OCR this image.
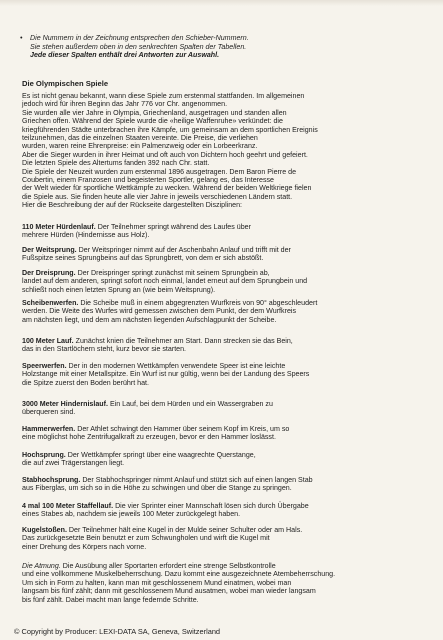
•	Die Nummern in der Zeichnung entsprechen den Schieber-Nummern.
Sie stehen außerdem oben in den senkrechten Spalten der Tabellen.
Jede dieser Spalten enthält drei Antworten zur Auswahl.
Die Olympischen Spiele
Es ist nicht genau bekannt, wann diese Spiele zum erstenmal stattfanden. Im allgemeinen
jedoch wird für ihren Beginn das Jahr 776 vor Chr. angenommen.
Sie wurden alle vier Jahre in Olympia, Griechenland, ausgetragen und standen allen
Griechen offen. Während der Spiele wurde die «heilige Waffenruhe» verkündet: die
kriegführenden Städte unterbrachen ihre Kämpfe, um gemeinsam an dem sportlichen Ereignis
teilzunehmen, das die einzelnen Staaten vereinte. Die Preise, die verliehen
wurden, waren reine Ehrenpreise: ein Palmenzweig oder ein Lorbeerkranz.
Aber die Sieger wurden in ihrer Heimat und oft auch von Dichtern hoch geehrt und gefeiert.
Die letzten Spiele des Altertums fanden 392 nach Chr. statt.
Die Spiele der Neuzeit wurden zum erstenmal 1896 ausgetragen. Dem Baron Pierre de
Coubertin, einem Franzosen und begeisterten Sportler, gelang es, das Interesse
der Welt wieder für sportliche Wettkämpfe zu wecken. Während der beiden Weltkriege fielen
die Spiele aus. Sie finden heute alle vier Jahre in jeweils verschiedenen Ländern statt.
Hier die Beschreibung der auf der Rückseite dargestellten Disziplinen:
110 Meter Hürdenlauf. Der Teilnehmer springt während des Laufes über
mehrere Hürden (Hindernisse aus Holz).
Der Weitsprung. Der Weitspringer nimmt auf der Aschenbahn Anlauf und trifft mit der
Fußspitze seines Sprungbeins auf das Sprungbrett, von dem er sich abstößt.
Der Dreisprung. Der Dreispringer springt zunächst mit seinem Sprungbein ab,
landet auf dem anderen, springt sofort noch einmal, landet erneut auf dem Sprungbein und
schließt noch einen letzten Sprung an (wie beim Weitsprung).
Scheibenwerfen. Die Scheibe muß in einem abgegrenzten Wurfkreis von 90° abgeschleudert
werden. Die Weite des Wurfes wird gemessen zwischen dem Punkt, der dem Wurfkreis
am nächsten liegt, und dem am nächsten liegenden Aufschlagpunkt der Scheibe.
100 Meter Lauf. Zunächst knien die Teilnehmer am Start. Dann strecken sie das Bein,
das in den Startlöchern steht, kurz bevor sie starten.
Speerwerfen. Der in den modernen Wettkämpfen verwendete Speer ist eine leichte
Holzstange mit einer Metallspitze. Ein Wurf ist nur gültig, wenn bei der Landung des Speers
die Spitze zuerst den Boden berührt hat.
3000 Meter Hindernislauf. Ein Lauf, bei dem Hürden und ein Wassergraben zu
überqueren sind.
Hammerwerfen. Der Athlet schwingt den Hammer über seinem Kopf im Kreis, um so
eine möglichst hohe Zentrifugalkraft zu erzeugen, bevor er den Hammer loslässt.
Hochsprung. Der Wettkämpfer springt über eine waagrechte Querstange,
die auf zwei Trägerstangen liegt.
Stabhochsprung. Der Stabhochspringer nimmt Anlauf und stützt sich auf einen langen Stab
aus Fiberglas, um sich so in die Höhe zu schwingen und über die Stange zu springen.
4 mal 100 Meter Staffellauf. Die vier Sprinter einer Mannschaft lösen sich durch Übergabe
eines Stabes ab, nachdem sie jeweils 100 Meter zurückgelegt haben.
Kugelstoßen. Der Teilnehmer hält eine Kugel in der Mulde seiner Schulter oder am Hals.
Das zurückgesetzte Bein benutzt er zum Schwungholen und wirft die Kugel mit
einer Drehung des Körpers nach vorne.
Die Atmung. Die Ausübung aller Sportarten erfordert eine strenge Selbstkontrolle
und eine vollkommene Muskelbeherrschung. Dazu kommt eine ausgezeichnete Atembeherrschung.
Um sich in Form zu halten, kann man mit geschlossenem Mund einatmen, wobei man
langsam bis fünf zählt; dann mit geschlossenem Mund ausatmen, wobei man wieder langsam
bis fünf zählt. Dabei macht man lange federnde Schritte.
© Copyright by Producer: LEXI-DATA SA, Geneva, Switzerland
